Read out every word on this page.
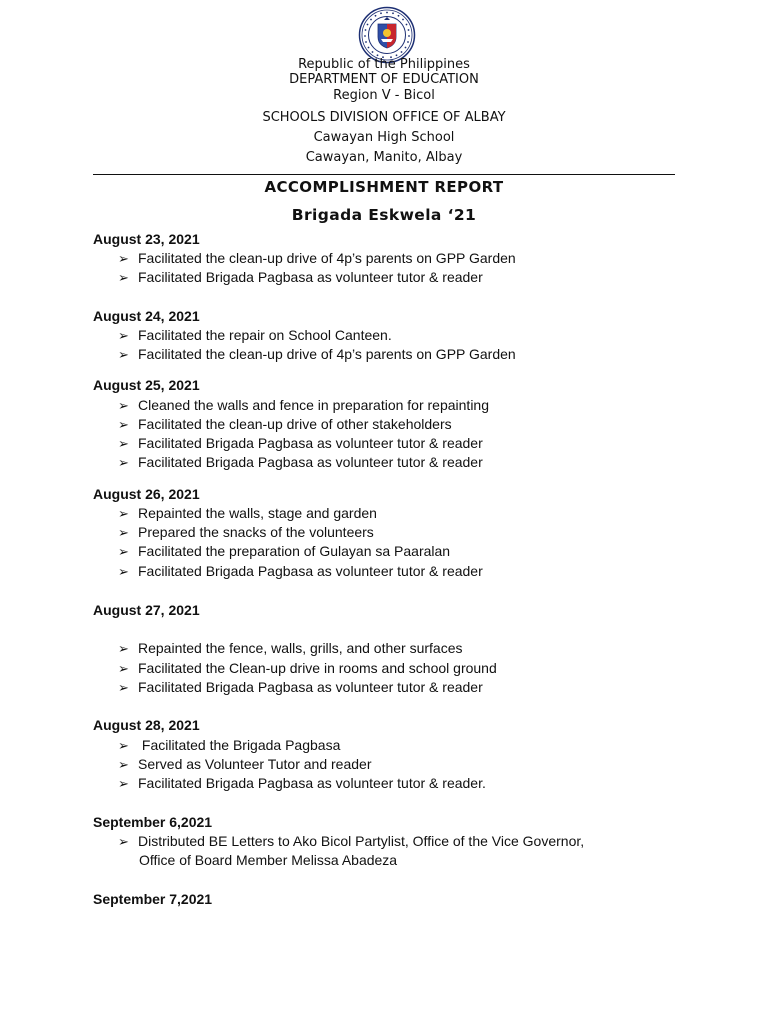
Republic of the Philippines
DEPARTMENT OF EDUCATION
Region V - Bicol
SCHOOLS DIVISION OFFICE OF ALBAY
Cawayan High School
Cawayan, Manito, Albay
ACCOMPLISHMENT REPORT
Brigada Eskwela ‘21
August 23, 2021
➢ Facilitated the clean-up drive of 4p’s parents on GPP Garden
➢ Facilitated Brigada Pagbasa as volunteer tutor & reader
August 24, 2021
➢ Facilitated the repair on School Canteen.
➢ Facilitated the clean-up drive of 4p’s parents on GPP Garden
August 25, 2021
➢ Cleaned the walls and fence in preparation for repainting
➢ Facilitated the clean-up drive of other stakeholders
➢ Facilitated Brigada Pagbasa as volunteer tutor & reader
➢ Facilitated Brigada Pagbasa as volunteer tutor & reader
August 26, 2021
➢ Repainted the walls, stage and garden
➢ Prepared the snacks of the volunteers
➢ Facilitated the preparation of Gulayan sa Paaralan
➢ Facilitated Brigada Pagbasa as volunteer tutor & reader
August 27, 2021
➢ Repainted the fence, walls, grills, and other surfaces
➢ Facilitated the Clean-up drive in rooms and school ground
➢ Facilitated Brigada Pagbasa as volunteer tutor & reader
August 28, 2021
➢ Facilitated the Brigada Pagbasa
➢ Served as Volunteer Tutor and reader
➢ Facilitated Brigada Pagbasa as volunteer tutor & reader.
September 6,2021
➢ Distributed BE Letters to Ako Bicol Partylist, Office of the Vice Governor,
Office of Board Member Melissa Abadeza
September 7,2021
